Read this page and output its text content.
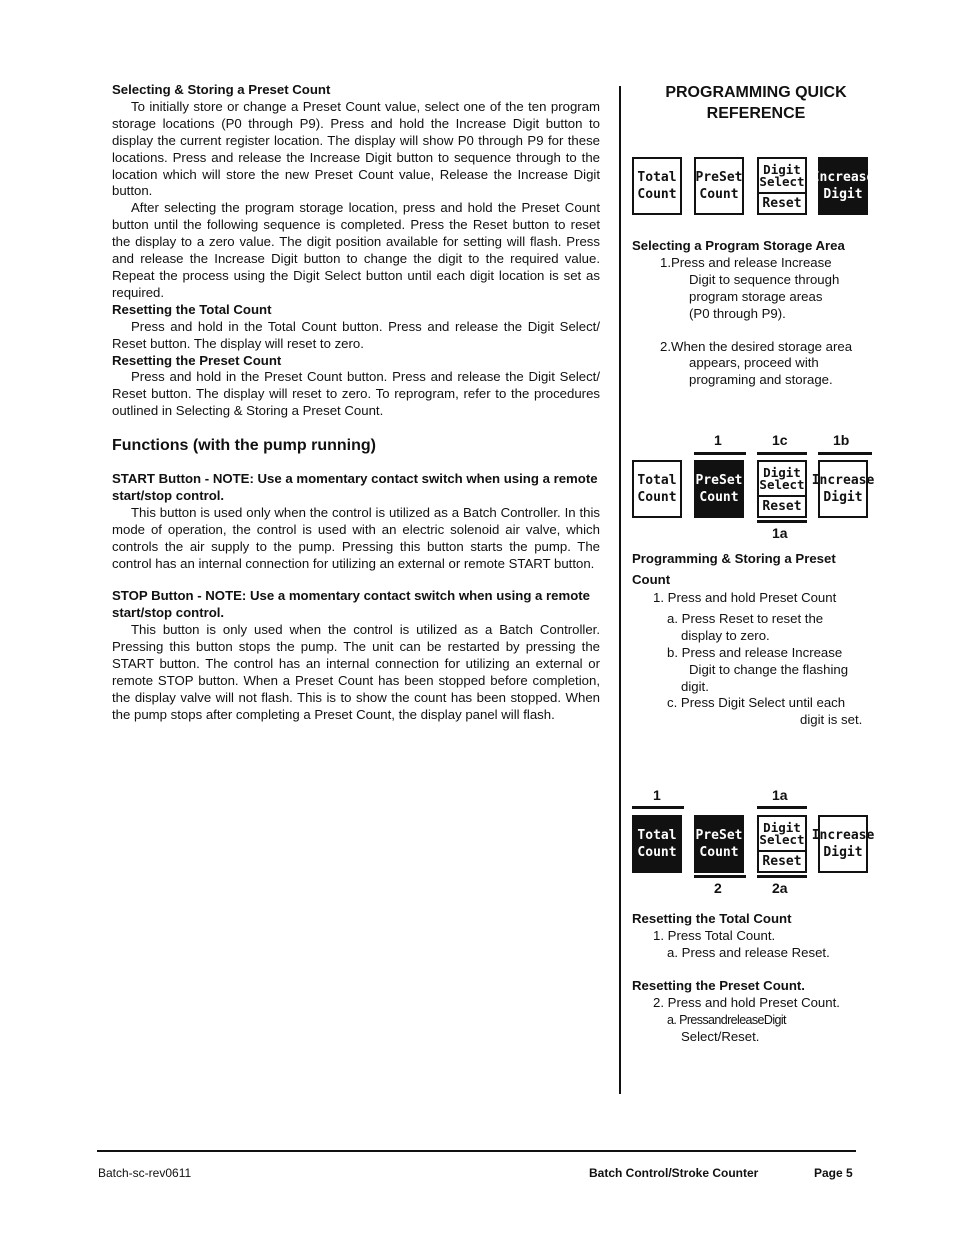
Selecting & Storing a Preset Count

To initially store or change a Preset Count value, select one of the ten program storage locations (P0 through P9). Press and hold the Increase Digit button to display the current register location. The display will show P0 through P9 for these locations. Press and release the Increase Digit button to sequence through to the location which will store the new Preset Count value, Release the Increase Digit button.

After selecting the program storage location, press and hold the Preset Count button until the following sequence is completed. Press the Reset button to reset the display to a zero value. The digit position available for setting will flash. Press and release the Increase Digit button to change the digit to the required value. Repeat the process using the Digit Select button until each digit location is set as required.

Resetting the Total Count

Press and hold in the Total Count button. Press and release the Digit Select/ Reset button. The display will reset to zero.

Resetting the Preset Count

Press and hold in the Preset Count button. Press and release the Digit Select/ Reset button. The display will reset to zero. To reprogram, refer to the procedures outlined in Selecting & Storing a Preset Count.

Functions (with the pump running)
START Button - NOTE: Use a momentary contact switch when using a remote start/stop control.

This button is used only when the control is utilized as a Batch Controller. In this mode of operation, the control is used with an electric solenoid air valve, which controls the air supply to the pump. Pressing this button starts the pump. The control has an internal connection for utilizing an external or remote START button.

STOP Button - NOTE: Use a momentary contact switch when using a remote start/stop control.

This button is only used when the control is utilized as a Batch Controller. Pressing this button stops the pump. The unit can be restarted by pressing the START button. The control has an internal connection for utilizing an external or remote STOP button. When a Preset Count has been stopped before completion, the display valve will not flash. This is to show the count has been stopped. When the pump stops after completing a Preset Count, the display panel will flash.

PROGRAMMING QUICK REFERENCE
Total
Count
PreSet
Count
Digit
Select
Reset
Increase
Digit
Selecting a Program Storage Area
1.Press and release Increase
Digit to sequence through
program storage areas
(P0 through P9).
2.When the desired storage area
appears, proceed with
programing and storage.
1	1c	1b
Total
Count
PreSet
Count
Digit
Select
Reset
Increase
Digit
1a
Programming & Storing a Preset
Count
1. Press and hold Preset Count
a. Press Reset to reset the
display to zero.
b. Press and release Increase
Digit to change the flashing
digit.
c. Press Digit Select until each
digit is set.
1	1a
Total
Count
PreSet
Count
Digit
Select
Reset
Increase
Digit
2	2a
Resetting the Total Count
1. Press Total Count.
a. Press and release Reset.
Resetting the Preset Count.
2. Press and hold Preset Count.
a. PressandreleaseDigit
Select/Reset.
Batch-sc-rev0611	Batch Control/Stroke Counter	Page 5
